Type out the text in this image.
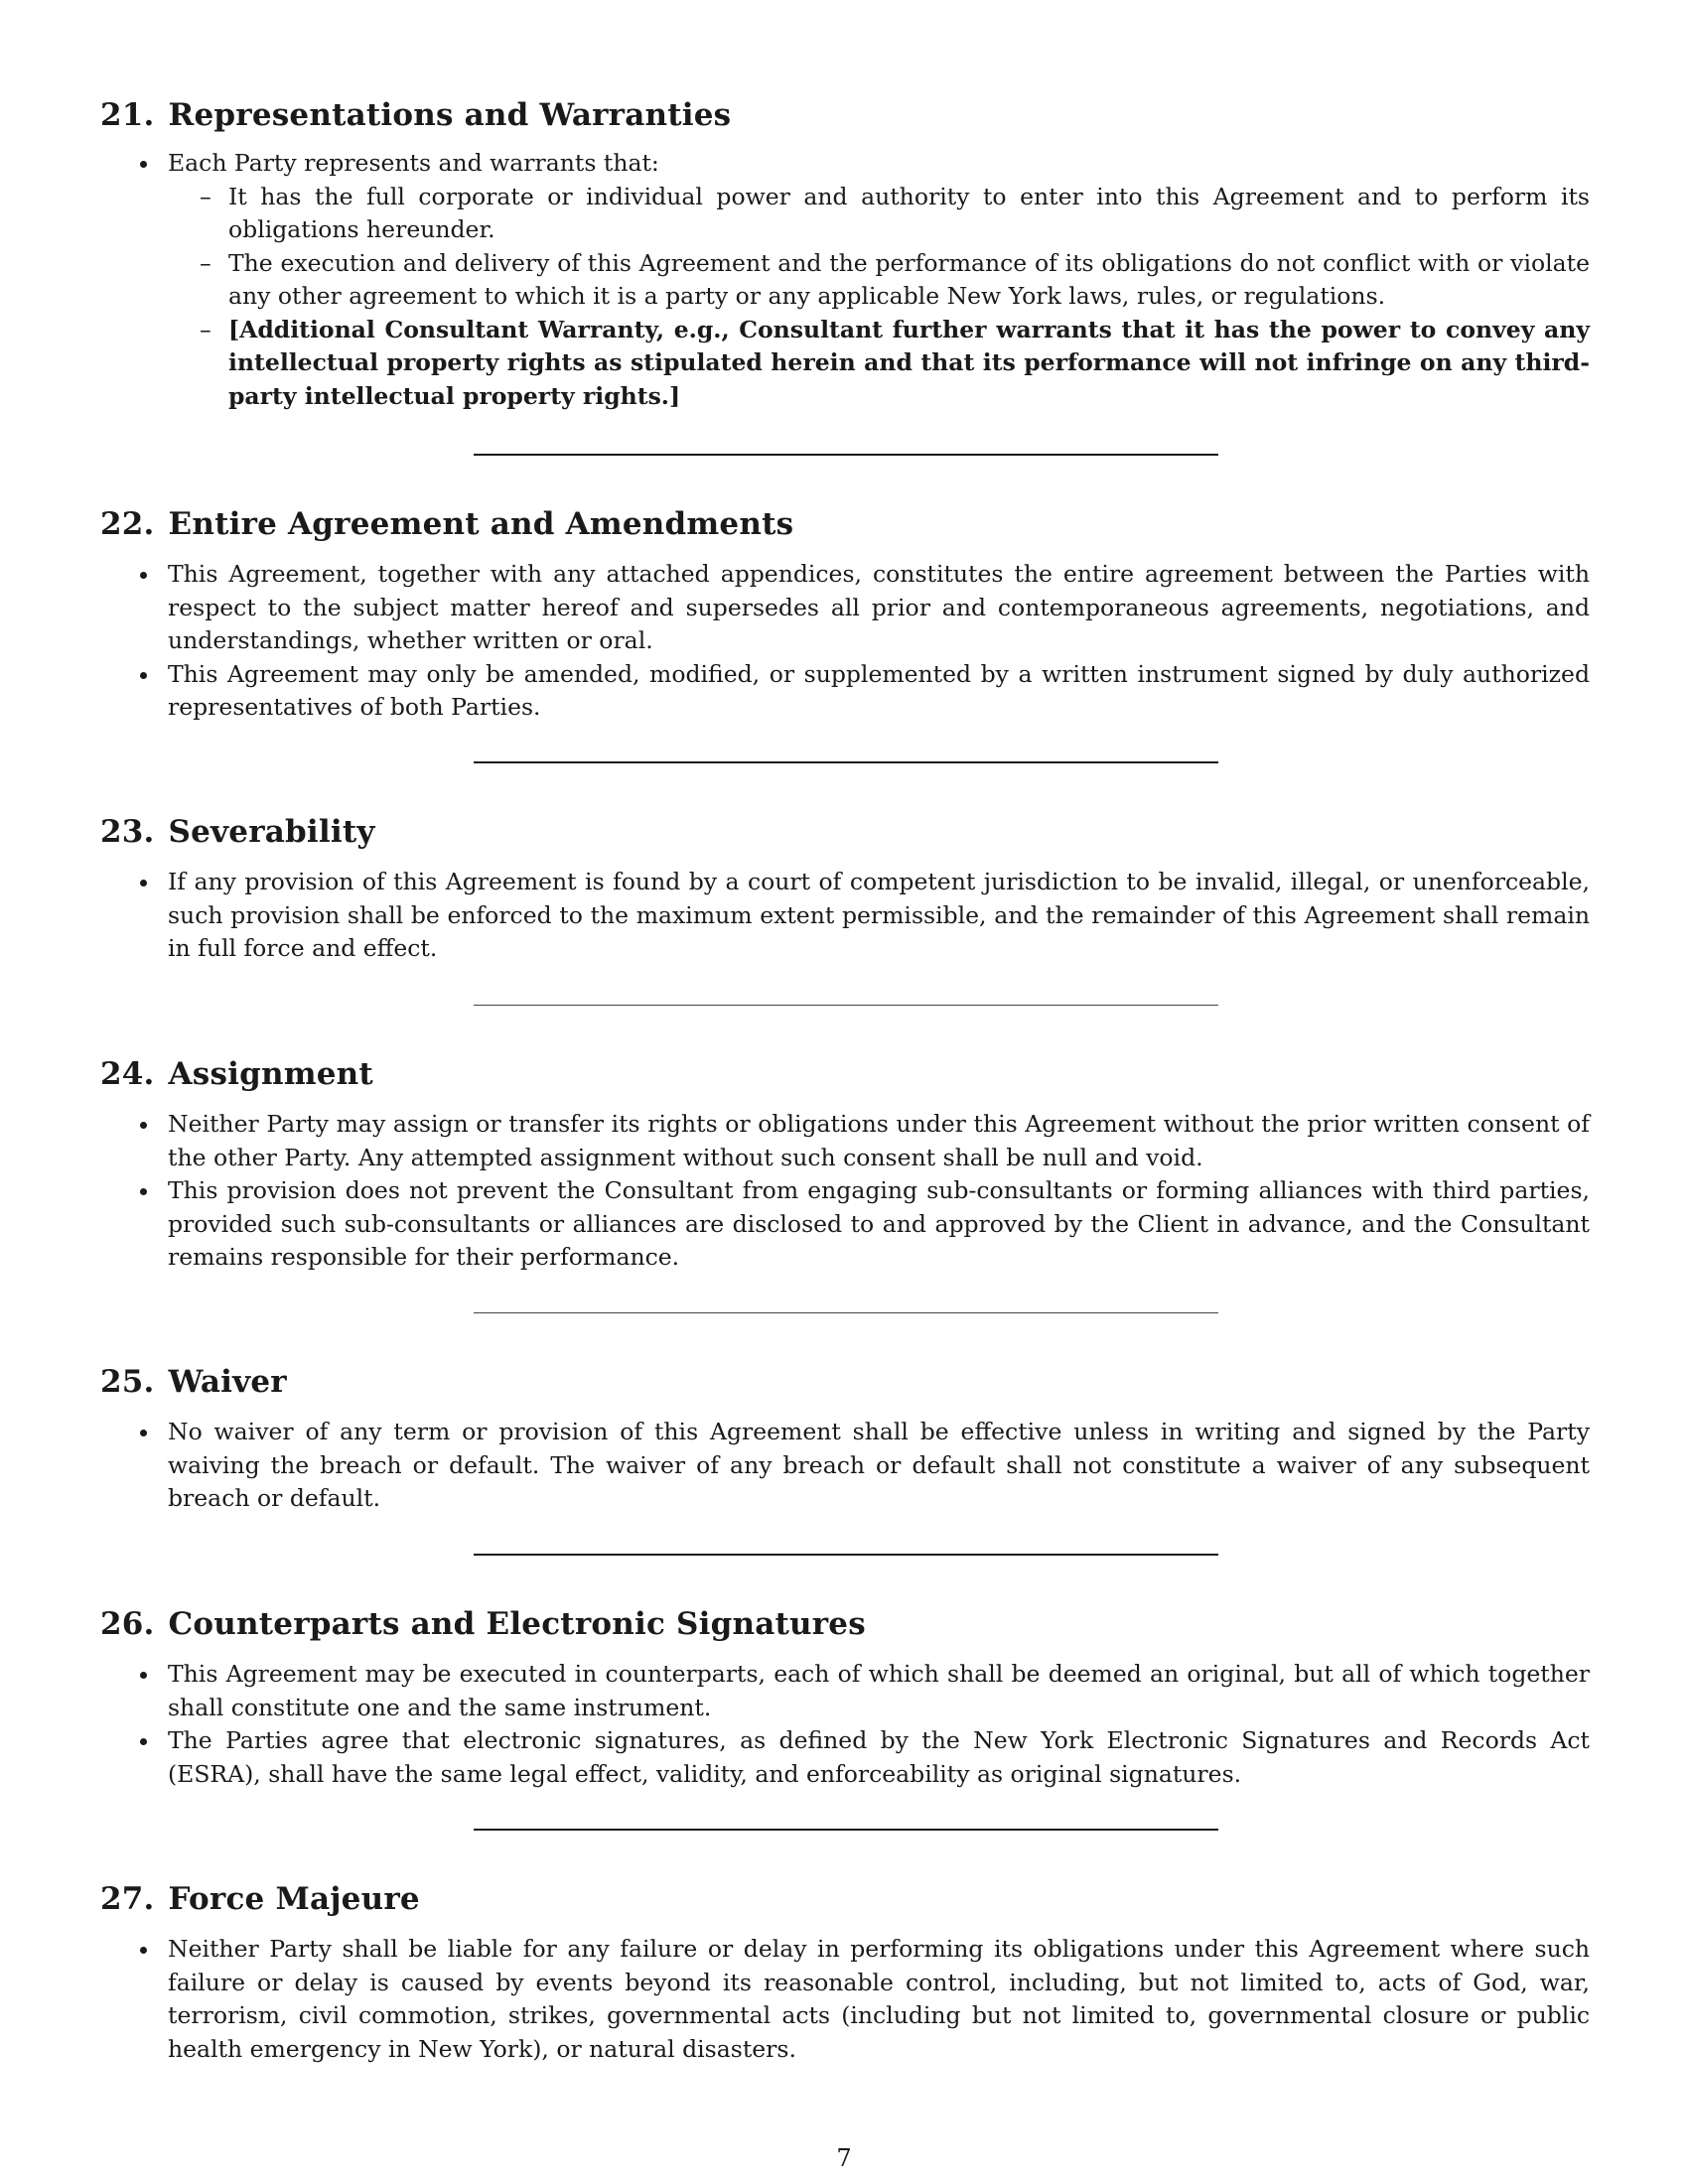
21. Representations and Warranties
Each Party represents and warrants that:
– It has the full corporate or individual power and authority to enter into this Agreement and to perform its obligations hereunder.
– The execution and delivery of this Agreement and the performance of its obligations do not conflict with or violate any other agreement to which it is a party or any applicable New York laws, rules, or regulations.
– [Additional Consultant Warranty, e.g., Consultant further warrants that it has the power to convey any intellectual property rights as stipulated herein and that its performance will not infringe on any third-party intellectual property rights.]
22. Entire Agreement and Amendments
This Agreement, together with any attached appendices, constitutes the entire agreement between the Parties with respect to the subject matter hereof and supersedes all prior and contemporaneous agreements, negotiations, and understandings, whether written or oral.
This Agreement may only be amended, modified, or supplemented by a written instrument signed by duly authorized representatives of both Parties.
23. Severability
If any provision of this Agreement is found by a court of competent jurisdiction to be invalid, illegal, or unenforceable, such provision shall be enforced to the maximum extent permissible, and the remainder of this Agreement shall remain in full force and effect.
24. Assignment
Neither Party may assign or transfer its rights or obligations under this Agreement without the prior written consent of the other Party. Any attempted assignment without such consent shall be null and void.
This provision does not prevent the Consultant from engaging sub-consultants or forming alliances with third parties, provided such sub-consultants or alliances are disclosed to and approved by the Client in advance, and the Consultant remains responsible for their performance.
25. Waiver
No waiver of any term or provision of this Agreement shall be effective unless in writing and signed by the Party waiving the breach or default. The waiver of any breach or default shall not constitute a waiver of any subsequent breach or default.
26. Counterparts and Electronic Signatures
This Agreement may be executed in counterparts, each of which shall be deemed an original, but all of which together shall constitute one and the same instrument.
The Parties agree that electronic signatures, as defined by the New York Electronic Signatures and Records Act (ESRA), shall have the same legal effect, validity, and enforceability as original signatures.
27. Force Majeure
Neither Party shall be liable for any failure or delay in performing its obligations under this Agreement where such failure or delay is caused by events beyond its reasonable control, including, but not limited to, acts of God, war, terrorism, civil commotion, strikes, governmental acts (including but not limited to, governmental closure or public health emergency in New York), or natural disasters.
7
